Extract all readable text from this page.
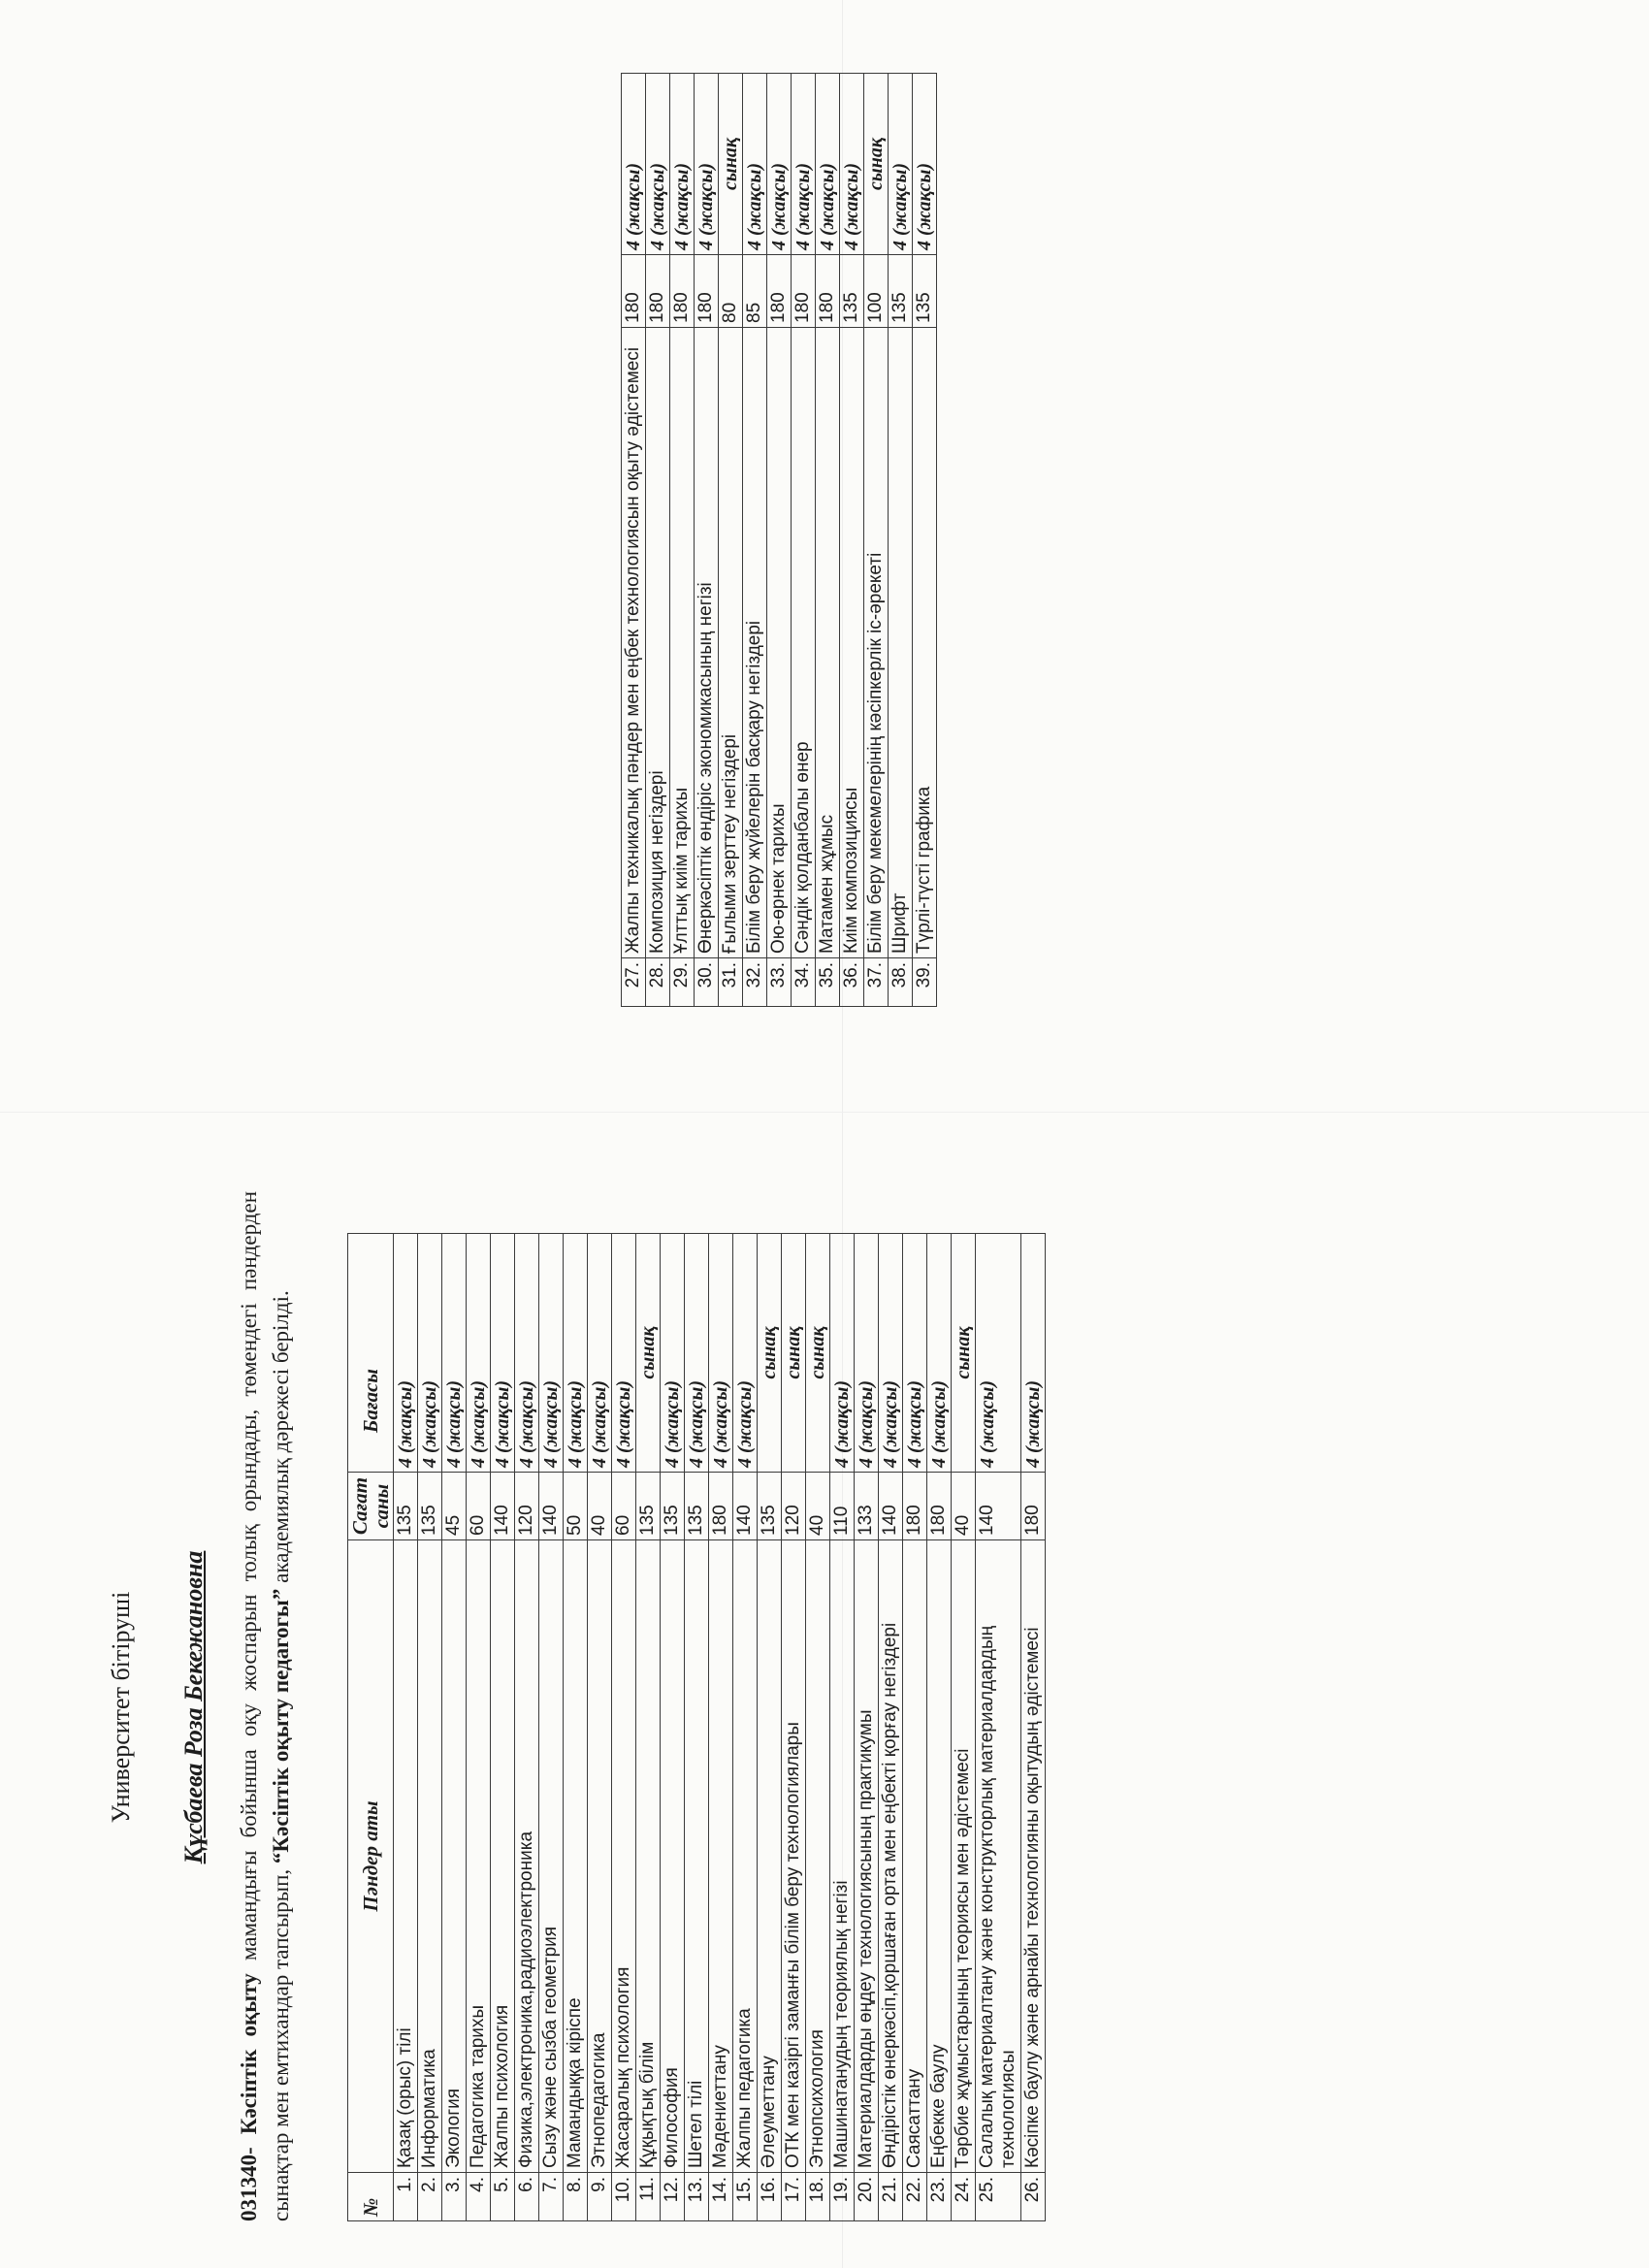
Университет бітіруші Құсбаева Роза Бекежановна
031340- Кәсіптік оқыту мамандығы бойынша оқу жоспарын толық орындады, төмендегі пәндерден сынақтар мен емтихандар тапсырып, “Кәсіптік оқыту педагогы” академиялық дәрежесі берілді.
№	Пәндер аты	Сағат саны	Бағасы
1.	Қазақ (орыс) тілі	135	4 (жақсы)
2.	Информатика	135	4 (жақсы)
3.	Экология	45	4 (жақсы)
4.	Педагогика тарихы	60	4 (жақсы)
5.	Жалпы психология	140	4 (жақсы)
6.	Физика,электроника,радиоэлектроника	120	4 (жақсы)
7.	Сызу және сызба геометрия	140	4 (жақсы)
8.	Мамандыққа кіріспе	50	4 (жақсы)
9.	Этнопедагогика	40	4 (жақсы)
10.	Жасаралық психология	60	4 (жақсы)
11.	Құқықтық білім	135	сынақ
12.	Философия	135	4 (жақсы)
13.	Шетел тілі	135	4 (жақсы)
14.	Мәдениеттану	180	4 (жақсы)
15.	Жалпы педагогика	140	4 (жақсы)
16.	Әлеуметтану	135	сынақ
17.	ОТК мен казіргі заманғы білім беру технологиялары	120	сынақ
18.	Этнопсихология	40	сынақ
19.	Машинатанудың теориялық негізі	110	4 (жақсы)
20.	Материалдарды өңдеу технологиясының практикумы	133	4 (жақсы)
21.	Өндірістік өнеркәсіп,қоршаған орта мен еңбекті қорғау негіздері	140	4 (жақсы)
22.	Саясаттану	180	4 (жақсы)
23.	Еңбекке баулу	180	4 (жақсы)
24.	Тәрбие жұмыстарының теориясы мен әдістемесі	40	сынақ
25.	Салалық материалтану және конструкторлық материалдардың технологиясы	140	4 (жақсы)
26.	Кәсіпке баулу және арнайы технологияны оқытудың әдістемесі	180	4 (жақсы)
27.	Жалпы техникалық пәндер мен еңбек технологиясын оқыту әдістемесі	180	4 (жақсы)
28.	Композиция негіздері	180	4 (жақсы)
29.	Ұлттық киім тарихы	180	4 (жақсы)
30.	Өнеркәсіптік өндіріс экономикасының негізі	180	4 (жақсы)
31.	Ғылыми зерттеу негіздері	80	сынақ
32.	Білім беру жүйелерін басқару негіздері	85	4 (жақсы)
33.	Ою-өрнек тарихы	180	4 (жақсы)
34.	Сәндік қолданбалы өнер	180	4 (жақсы)
35.	Матамен жұмыс	180	4 (жақсы)
36.	Киім композициясы	135	4 (жақсы)
37.	Білім беру мекемелерінің кәсіпкерлік іс-әрекеті	100	сынақ
38.	Шрифт	135	4 (жақсы)
39.	Түрлі-түсті графика	135	4 (жақсы)
